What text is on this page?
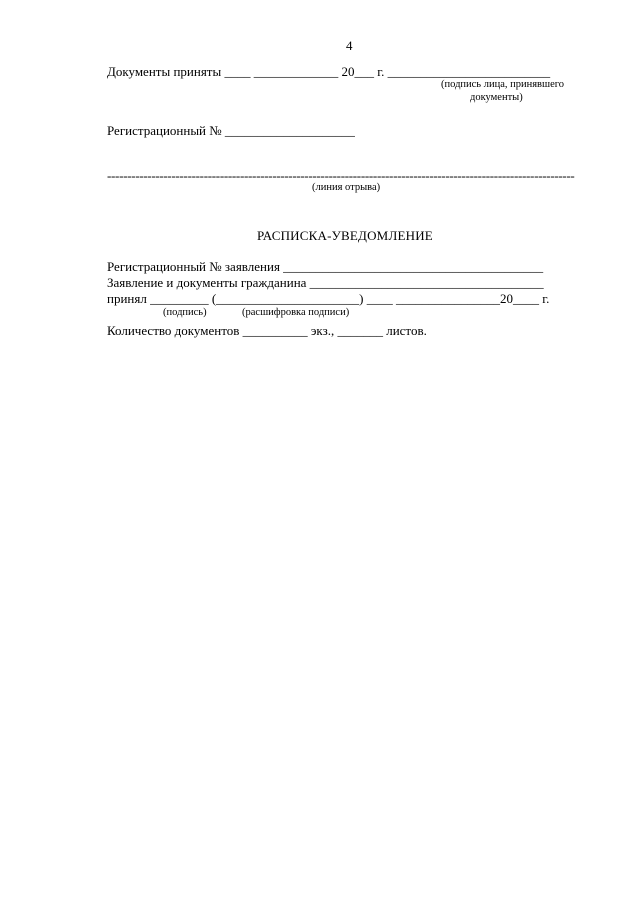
4
Документы приняты ____ _____________ 20___ г. _________________________
(подпись лица, принявшего
документы)
Регистрационный № ____________________
--------------------------------------------------------------------------------------------------------------------
(линия отрыва)
РАСПИСКА-УВЕДОМЛЕНИЕ
Регистрационный № заявления ________________________________________
Заявление и документы гражданина ____________________________________
принял _________ (______________________) ____ ________________20____ г.
(подпись)	(расшифровка подписи)
Количество документов __________ экз., _______ листов.
